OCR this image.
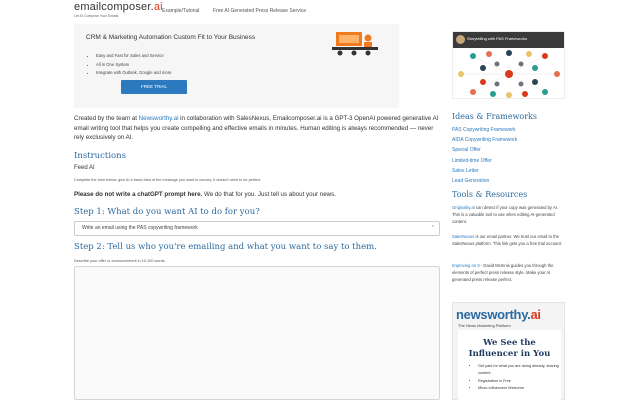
emailcomposer.ai
Let AI Compose Your Emails
Example/Tutorial	Free AI Generated Press Release Service
CRM & Marketing Automation Custom Fit to Your Business
• Easy and Fast for Sales and Service
• All in One System
• Integrate with Outlook, Google and more
FREE TRIAL

Created by the team at Newsworthy.ai in collaboration with SalesNexus, Emailcomposer.ai is a GPT-3 OpenAI powered generative AI email writing tool that helps you create compelling and effective emails in minutes. Human editing is always recommended — never rely exclusively on AI.

Instructions
Feed AI
Complete the form below, give AI a basic idea of the message you want to convey. It doesn't need to be perfect.
Please do not write a chatGPT prompt here. We do that for you. Just tell us about your news.
Step 1: What do you want AI to do for you?
Write an email using the PAS copywriting framework	⌃
Step 2: Tell us who you're emailing and what you want to say to them.
Describe your offer or announcement in 10-100 words
Storytelling with PAS Frameworks
Ideas & Frameworks
PAS Copywriting Framework
AIDA Copywriting Framework
Special Offer
Limited-time Offer
Sales Letter
Lead Generation
Tools & Resources

Originality.ai can detect if your copy was generated by AI. This is a valuable tool to use when editing AI-generated content.

SalesNexus is our email partner. We trust our email to the SalesNexus platform. This link gets you a free trial account.

Improving on It - David McInnis guides you through the elements of perfect press release style. Make your AI generated press release perfect.

newsworthy.ai
The News Marketing Platform
We See the
Influencer in You
• Get paid for what you are doing already, sharing content.
• Registration is Free
• Micro-Influencers Welcome
